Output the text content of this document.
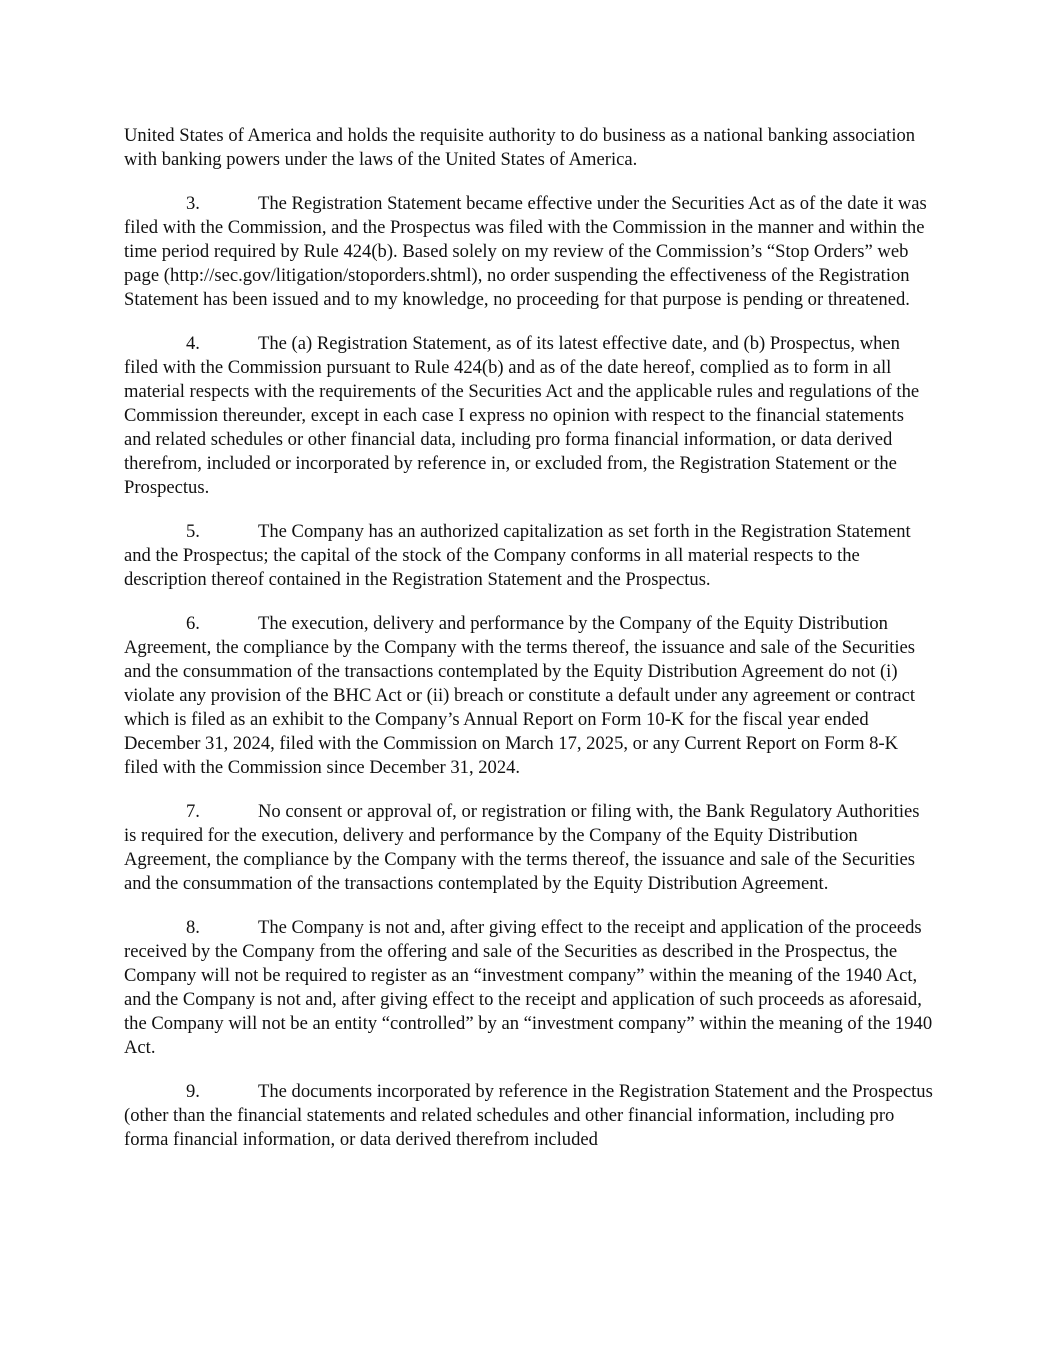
United States of America and holds the requisite authority to do business as a national banking association with banking powers under the laws of the United States of America.

3.	The Registration Statement became effective under the Securities Act as of the date it was filed with the Commission, and the Prospectus was filed with the Commission in the manner and within the time period required by Rule 424(b). Based solely on my review of the Commission’s “Stop Orders” web page (http://sec.gov/litigation/stoporders.shtml), no order suspending the effectiveness of the Registration Statement has been issued and to my knowledge, no proceeding for that purpose is pending or threatened.

4.	The (a) Registration Statement, as of its latest effective date, and (b) Prospectus, when filed with the Commission pursuant to Rule 424(b) and as of the date hereof, complied as to form in all material respects with the requirements of the Securities Act and the applicable rules and regulations of the Commission thereunder, except in each case I express no opinion with respect to the financial statements and related schedules or other financial data, including pro forma financial information, or data derived therefrom, included or incorporated by reference in, or excluded from, the Registration Statement or the Prospectus.

5.	The Company has an authorized capitalization as set forth in the Registration Statement and the Prospectus; the capital of the stock of the Company conforms in all material respects to the description thereof contained in the Registration Statement and the Prospectus.

6.	The execution, delivery and performance by the Company of the Equity Distribution Agreement, the compliance by the Company with the terms thereof, the issuance and sale of the Securities and the consummation of the transactions contemplated by the Equity Distribution Agreement do not (i) violate any provision of the BHC Act or (ii) breach or constitute a default under any agreement or contract which is filed as an exhibit to the Company’s Annual Report on Form 10-K for the fiscal year ended December 31, 2024, filed with the Commission on March 17, 2025, or any Current Report on Form 8-K filed with the Commission since December 31, 2024.

7.	No consent or approval of, or registration or filing with, the Bank Regulatory Authorities is required for the execution, delivery and performance by the Company of the Equity Distribution Agreement, the compliance by the Company with the terms thereof, the issuance and sale of the Securities and the consummation of the transactions contemplated by the Equity Distribution Agreement.

8.	The Company is not and, after giving effect to the receipt and application of the proceeds received by the Company from the offering and sale of the Securities as described in the Prospectus, the Company will not be required to register as an “investment company” within the meaning of the 1940 Act, and the Company is not and, after giving effect to the receipt and application of such proceeds as aforesaid, the Company will not be an entity “controlled” by an “investment company” within the meaning of the 1940 Act.

9.	The documents incorporated by reference in the Registration Statement and the Prospectus (other than the financial statements and related schedules and other financial information, including pro forma financial information, or data derived therefrom included
